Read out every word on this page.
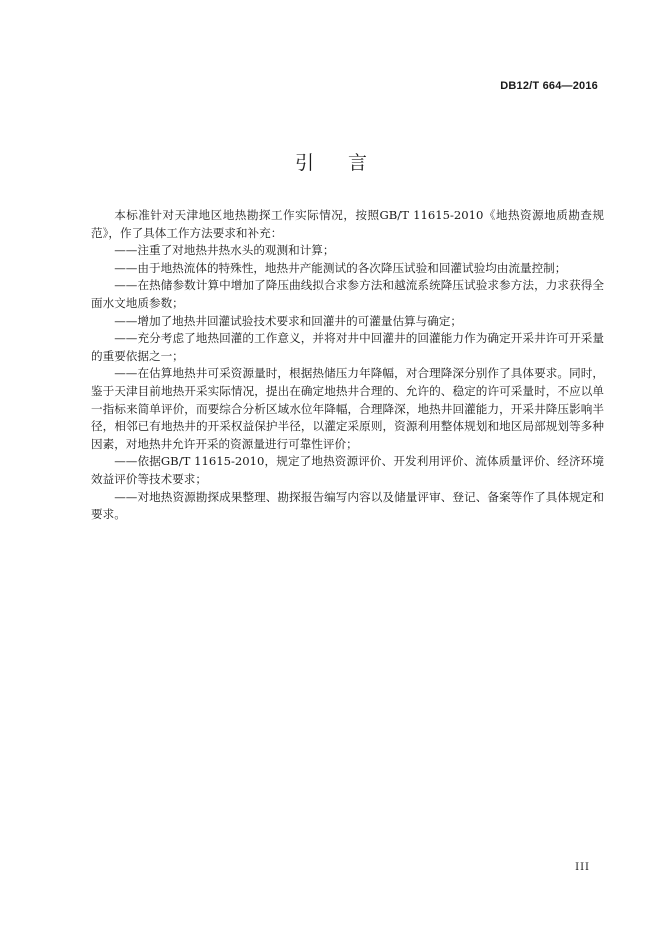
DB12/T 664—2016
引言

本标准针对天津地区地热勘探工作实际情况，按照GB/T 11615-2010《地热资源地质勘查规范》，作了具体工作方法要求和补充：

——注重了对地热井热水头的观测和计算；

——由于地热流体的特殊性，地热井产能测试的各次降压试验和回灌试验均由流量控制；

——在热储参数计算中增加了降压曲线拟合求参方法和越流系统降压试验求参方法，力求获得全面水文地质参数；

——增加了地热井回灌试验技术要求和回灌井的可灌量估算与确定；

——充分考虑了地热回灌的工作意义，并将对井中回灌井的回灌能力作为确定开采井许可开采量的重要依据之一；

——在估算地热井可采资源量时，根据热储压力年降幅，对合理降深分别作了具体要求。同时，鉴于天津目前地热开采实际情况，提出在确定地热井合理的、允许的、稳定的许可采量时，不应以单一指标来简单评价，而要综合分析区域水位年降幅，合理降深，地热井回灌能力，开采井降压影响半径，相邻已有地热井的开采权益保护半径，以灌定采原则，资源利用整体规划和地区局部规划等多种因素，对地热井允许开采的资源量进行可靠性评价；

——依据GB/T 11615-2010，规定了地热资源评价、开发利用评价、流体质量评价、经济环境效益评价等技术要求；

——对地热资源勘探成果整理、勘探报告编写内容以及储量评审、登记、备案等作了具体规定和要求。

III
